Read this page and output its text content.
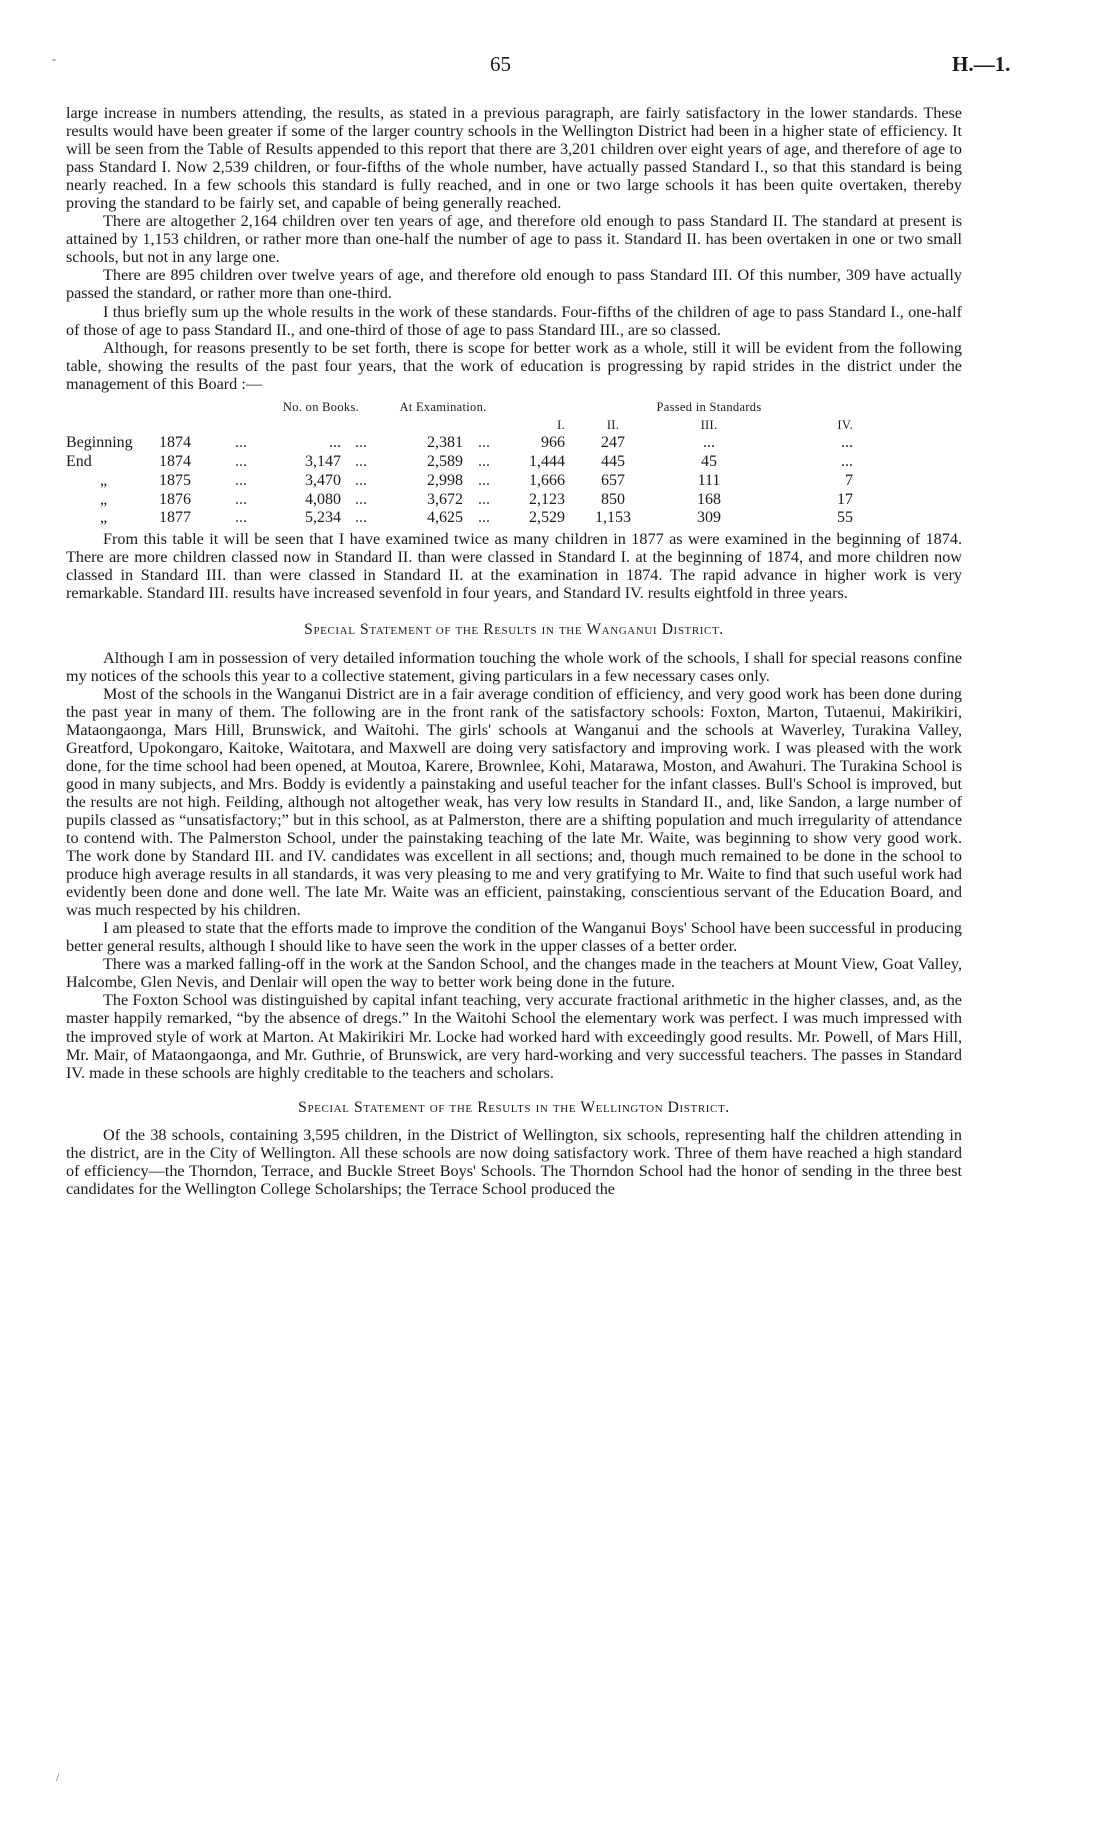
65	H.—1.
-

large increase in numbers attending, the results, as stated in a previous paragraph, are fairly satisfactory in the lower standards. These results would have been greater if some of the larger country schools in the Wellington District had been in a higher state of efficiency. It will be seen from the Table of Results appended to this report that there are 3,201 children over eight years of age, and therefore of age to pass Standard I. Now 2,539 children, or four-fifths of the whole number, have actually passed Standard I., so that this standard is being nearly reached. In a few schools this standard is fully reached, and in one or two large schools it has been quite overtaken, thereby proving the standard to be fairly set, and capable of being generally reached.

There are altogether 2,164 children over ten years of age, and therefore old enough to pass Standard II. The standard at present is attained by 1,153 children, or rather more than one-half the number of age to pass it. Standard II. has been overtaken in one or two small schools, but not in any large one.

There are 895 children over twelve years of age, and therefore old enough to pass Standard III. Of this number, 309 have actually passed the standard, or rather more than one-third.

I thus briefly sum up the whole results in the work of these standards. Four-fifths of the children of age to pass Standard I., one-half of those of age to pass Standard II., and one-third of those of age to pass Standard III., are so classed.

Although, for reasons presently to be set forth, there is scope for better work as a whole, still it will be evident from the following table, showing the results of the past four years, that the work of education is progressing by rapid strides in the district under the management of this Board :—

			No. on Books.		At Examination.			Passed in Standards		
							I.	II.	III.	IV.
Beginning	1874	...	...	...	2,381	...	966	247	...	...
End	1874	...	3,147	...	2,589	...	1,444	445	45	...
„	1875	...	3,470	...	2,998	...	1,666	657	111	7
„	1876	...	4,080	...	3,672	...	2,123	850	168	17
„	1877	...	5,234	...	4,625	...	2,529	1,153	309	55

From this table it will be seen that I have examined twice as many children in 1877 as were examined in the beginning of 1874. There are more children classed now in Standard II. than were classed in Standard I. at the beginning of 1874, and more children now classed in Standard III. than were classed in Standard II. at the examination in 1874. The rapid advance in higher work is very remarkable. Standard III. results have increased sevenfold in four years, and Standard IV. results eightfold in three years.

Special Statement of the Results in the Wanganui District.

Although I am in possession of very detailed information touching the whole work of the schools, I shall for special reasons confine my notices of the schools this year to a collective statement, giving particulars in a few necessary cases only.

Most of the schools in the Wanganui District are in a fair average condition of efficiency, and very good work has been done during the past year in many of them. The following are in the front rank of the satisfactory schools: Foxton, Marton, Tutaenui, Makirikiri, Mataongaonga, Mars Hill, Brunswick, and Waitohi. The girls' schools at Wanganui and the schools at Waverley, Turakina Valley, Greatford, Upokongaro, Kaitoke, Waitotara, and Maxwell are doing very satisfactory and improving work. I was pleased with the work done, for the time school had been opened, at Moutoa, Karere, Brownlee, Kohi, Matarawa, Moston, and Awahuri. The Turakina School is good in many subjects, and Mrs. Boddy is evidently a painstaking and useful teacher for the infant classes. Bull's School is improved, but the results are not high. Feilding, although not altogether weak, has very low results in Standard II., and, like Sandon, a large number of pupils classed as “unsatisfactory;” but in this school, as at Palmerston, there are a shifting population and much irregularity of attendance to contend with. The Palmerston School, under the painstaking teaching of the late Mr. Waite, was beginning to show very good work. The work done by Standard III. and IV. candidates was excellent in all sections; and, though much remained to be done in the school to produce high average results in all standards, it was very pleasing to me and very gratifying to Mr. Waite to find that such useful work had evidently been done and done well. The late Mr. Waite was an efficient, painstaking, conscientious servant of the Education Board, and was much respected by his children.

I am pleased to state that the efforts made to improve the condition of the Wanganui Boys' School have been successful in producing better general results, although I should like to have seen the work in the upper classes of a better order.

There was a marked falling-off in the work at the Sandon School, and the changes made in the teachers at Mount View, Goat Valley, Halcombe, Glen Nevis, and Denlair will open the way to better work being done in the future.

The Foxton School was distinguished by capital infant teaching, very accurate fractional arithmetic in the higher classes, and, as the master happily remarked, “by the absence of dregs.” In the Waitohi School the elementary work was perfect. I was much impressed with the improved style of work at Marton. At Makirikiri Mr. Locke had worked hard with exceedingly good results. Mr. Powell, of Mars Hill, Mr. Mair, of Mataongaonga, and Mr. Guthrie, of Brunswick, are very hard-working and very successful teachers. The passes in Standard IV. made in these schools are highly creditable to the teachers and scholars.

Special Statement of the Results in the Wellington District.

Of the 38 schools, containing 3,595 children, in the District of Wellington, six schools, representing half the children attending in the district, are in the City of Wellington. All these schools are now doing satisfactory work. Three of them have reached a high standard of efficiency—the Thorndon, Terrace, and Buckle Street Boys' Schools. The Thorndon School had the honor of sending in the three best candidates for the Wellington College Scholarships; the Terrace School produced the

/
